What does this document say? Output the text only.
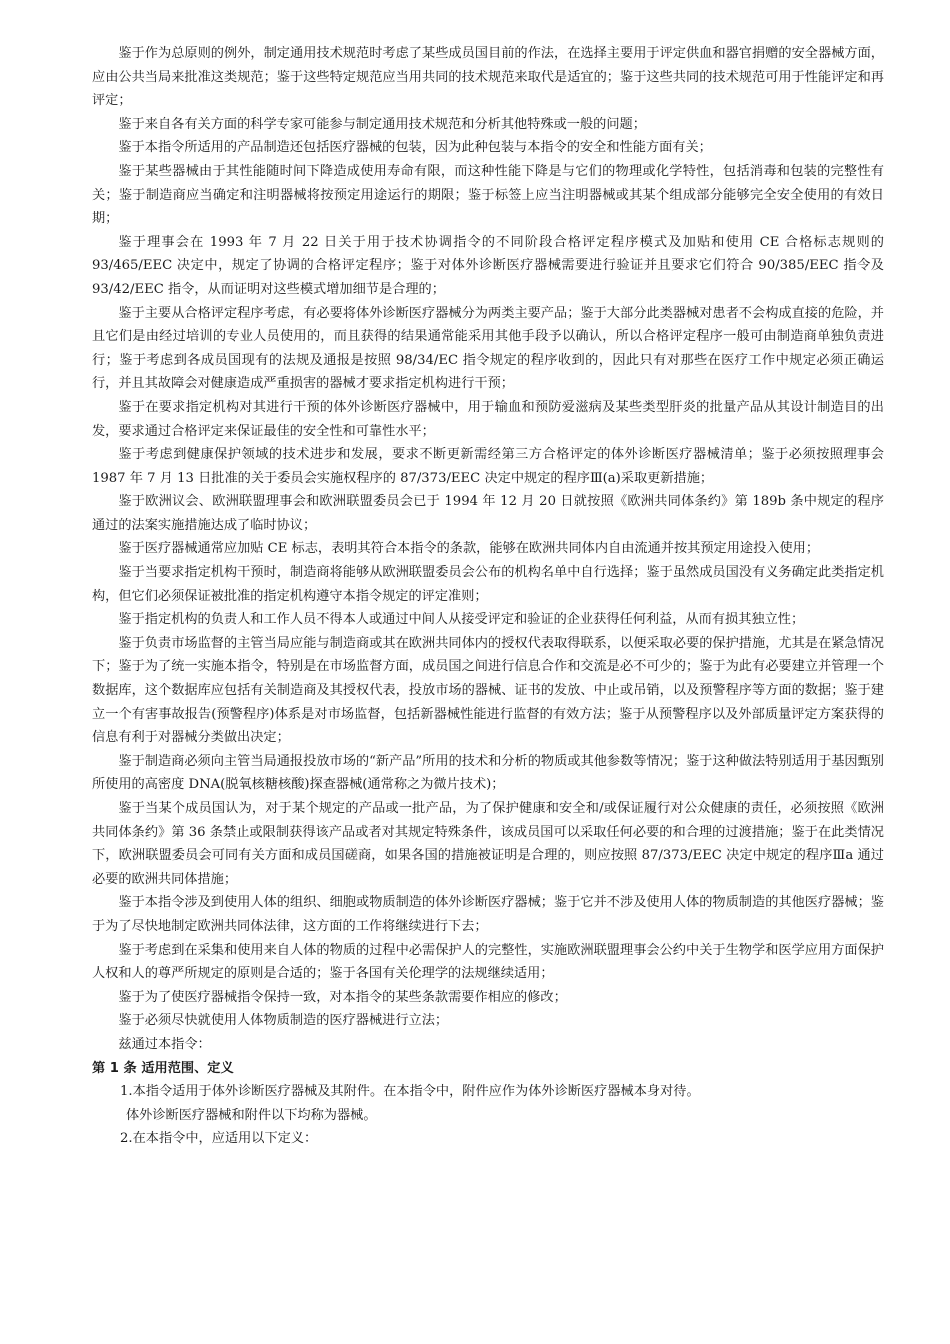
鉴于作为总原则的例外，制定通用技术规范时考虑了某些成员国目前的作法，在选择主要用于评定供血和器官捐赠的安全器械方面，应由公共当局来批准这类规范；鉴于这些特定规范应当用共同的技术规范来取代是适宜的；鉴于这些共同的技术规范可用于性能评定和再评定；

鉴于来自各有关方面的科学专家可能参与制定通用技术规范和分析其他特殊或一般的问题；

鉴于本指令所适用的产品制造还包括医疗器械的包装，因为此种包装与本指令的安全和性能方面有关；

鉴于某些器械由于其性能随时间下降造成使用寿命有限，而这种性能下降是与它们的物理或化学特性，包括消毒和包装的完整性有关；鉴于制造商应当确定和注明器械将按预定用途运行的期限；鉴于标签上应当注明器械或其某个组成部分能够完全安全使用的有效日期；

鉴于理事会在 1993 年 7 月 22 日关于用于技术协调指令的不同阶段合格评定程序模式及加贴和使用 CE 合格标志规则的 93/465/EEC 决定中，规定了协调的合格评定程序；鉴于对体外诊断医疗器械需要进行验证并且要求它们符合 90/385/EEC 指令及 93/42/EEC 指令，从而证明对这些模式增加细节是合理的；

鉴于主要从合格评定程序考虑，有必要将体外诊断医疗器械分为两类主要产品；鉴于大部分此类器械对患者不会构成直接的危险，并且它们是由经过培训的专业人员使用的，而且获得的结果通常能采用其他手段予以确认，所以合格评定程序一般可由制造商单独负责进行；鉴于考虑到各成员国现有的法规及通报是按照 98/34/EC 指令规定的程序收到的，因此只有对那些在医疗工作中规定必须正确运行，并且其故障会对健康造成严重损害的器械才要求指定机构进行干预；

鉴于在要求指定机构对其进行干预的体外诊断医疗器械中，用于输血和预防爱滋病及某些类型肝炎的批量产品从其设计制造目的出发，要求通过合格评定来保证最佳的安全性和可靠性水平；

鉴于考虑到健康保护领域的技术进步和发展，要求不断更新需经第三方合格评定的体外诊断医疗器械清单；鉴于必须按照理事会 1987 年 7 月 13 日批准的关于委员会实施权程序的 87/373/EEC 决定中规定的程序Ⅲ(a)采取更新措施；

鉴于欧洲议会、欧洲联盟理事会和欧洲联盟委员会已于 1994 年 12 月 20 日就按照《欧洲共同体条约》第 189b 条中规定的程序通过的法案实施措施达成了临时协议；

鉴于医疗器械通常应加贴 CE 标志，表明其符合本指令的条款，能够在欧洲共同体内自由流通并按其预定用途投入使用；

鉴于当要求指定机构干预时，制造商将能够从欧洲联盟委员会公布的机构名单中自行选择；鉴于虽然成员国没有义务确定此类指定机构，但它们必须保证被批准的指定机构遵守本指令规定的评定准则；

鉴于指定机构的负责人和工作人员不得本人或通过中间人从接受评定和验证的企业获得任何利益，从而有损其独立性；

鉴于负责市场监督的主管当局应能与制造商或其在欧洲共同体内的授权代表取得联系，以便采取必要的保护措施，尤其是在紧急情况下；鉴于为了统一实施本指令，特别是在市场监督方面，成员国之间进行信息合作和交流是必不可少的；鉴于为此有必要建立并管理一个数据库，这个数据库应包括有关制造商及其授权代表，投放市场的器械、证书的发放、中止或吊销，以及预警程序等方面的数据；鉴于建立一个有害事故报告(预警程序)体系是对市场监督，包括新器械性能进行监督的有效方法；鉴于从预警程序以及外部质量评定方案获得的信息有利于对器械分类做出决定；

鉴于制造商必须向主管当局通报投放市场的“新产品”所用的技术和分析的物质或其他参数等情况；鉴于这种做法特别适用于基因甄别所使用的高密度 DNA(脱氧核糖核酸)探查器械(通常称之为微片技术)；

鉴于当某个成员国认为，对于某个规定的产品或一批产品，为了保护健康和安全和/或保证履行对公众健康的责任，必须按照《欧洲共同体条约》第 36 条禁止或限制获得该产品或者对其规定特殊条件，该成员国可以采取任何必要的和合理的过渡措施；鉴于在此类情况下，欧洲联盟委员会可同有关方面和成员国磋商，如果各国的措施被证明是合理的，则应按照 87/373/EEC 决定中规定的程序Ⅲa 通过必要的欧洲共同体措施；

鉴于本指令涉及到使用人体的组织、细胞或物质制造的体外诊断医疗器械；鉴于它并不涉及使用人体的物质制造的其他医疗器械；鉴于为了尽快地制定欧洲共同体法律，这方面的工作将继续进行下去；

鉴于考虑到在采集和使用来自人体的物质的过程中必需保护人的完整性，实施欧洲联盟理事会公约中关于生物学和医学应用方面保护人权和人的尊严所规定的原则是合适的；鉴于各国有关伦理学的法规继续适用；

鉴于为了使医疗器械指令保持一致，对本指令的某些条款需要作相应的修改；

鉴于必须尽快就使用人体物质制造的医疗器械进行立法；

兹通过本指令：

第 1 条 适用范围、定义

1.本指令适用于体外诊断医疗器械及其附件。在本指令中，附件应作为体外诊断医疗器械本身对待。

体外诊断医疗器械和附件以下均称为器械。

2.在本指令中，应适用以下定义：
